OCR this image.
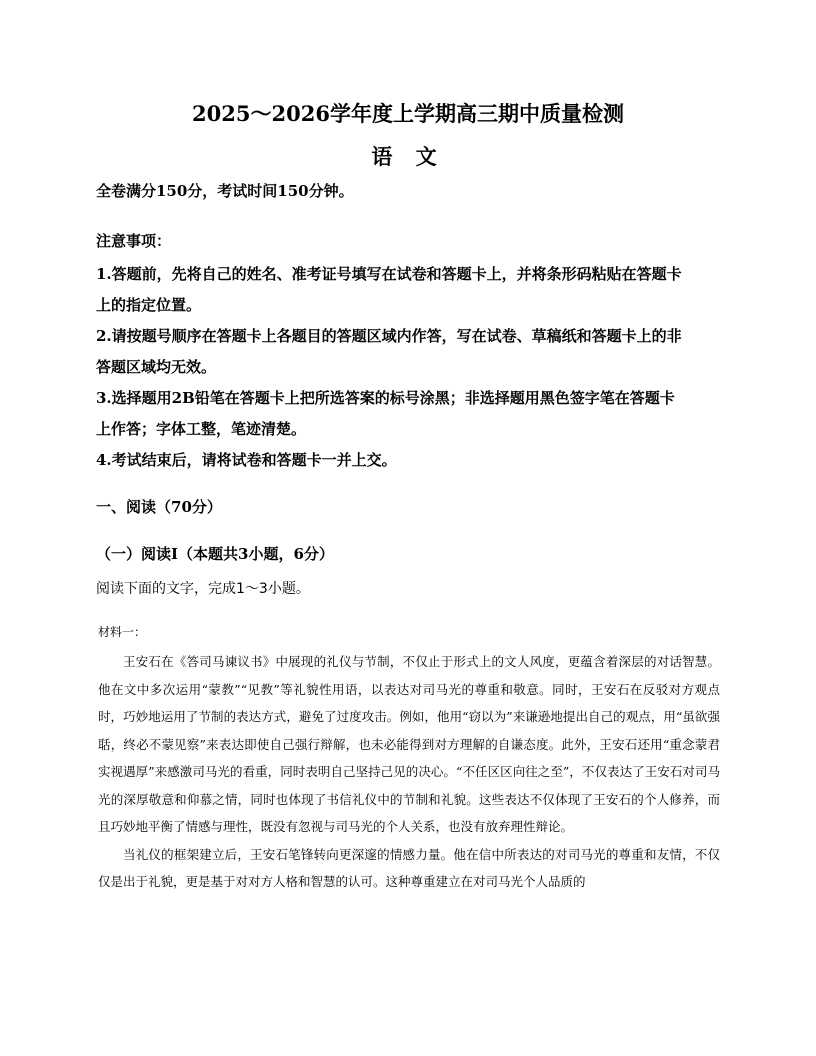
2025～2026学年度上学期高三期中质量检测
语 文
全卷满分150分，考试时间150分钟。
注意事项：
1.答题前，先将自己的姓名、准考证号填写在试卷和答题卡上，并将条形码粘贴在答题卡
上的指定位置。
2.请按题号顺序在答题卡上各题目的答题区域内作答，写在试卷、草稿纸和答题卡上的非
答题区域均无效。
3.选择题用2B铅笔在答题卡上把所选答案的标号涂黑；非选择题用黑色签字笔在答题卡
上作答；字体工整，笔迹清楚。
4.考试结束后，请将试卷和答题卡一并上交。
一、阅读（70分）
（一）阅读Ⅰ（本题共3小题，6分）
阅读下面的文字，完成1～3小题。
材料一：

王安石在《答司马谏议书》中展现的礼仪与节制，不仅止于形式上的文人风度，更蕴含着深层的对话智慧。他在文中多次运用“蒙教”“见教”等礼貌性用语，以表达对司马光的尊重和敬意。同时，王安石在反驳对方观点时，巧妙地运用了节制的表达方式，避免了过度攻击。例如，他用“窃以为”来谦逊地提出自己的观点，用“虽欲强聒，终必不蒙见察”来表达即使自己强行辩解，也未必能得到对方理解的自谦态度。此外，王安石还用“重念蒙君实视遇厚”来感激司马光的看重，同时表明自己坚持己见的决心。“不任区区向往之至”，不仅表达了王安石对司马光的深厚敬意和仰慕之情，同时也体现了书信礼仪中的节制和礼貌。这些表达不仅体现了王安石的个人修养，而且巧妙地平衡了情感与理性，既没有忽视与司马光的个人关系，也没有放弃理性辩论。

当礼仪的框架建立后，王安石笔锋转向更深邃的情感力量。他在信中所表达的对司马光的尊重和友情，不仅仅是出于礼貌，更是基于对对方人格和智慧的认可。这种尊重建立在对司马光个人品质的
